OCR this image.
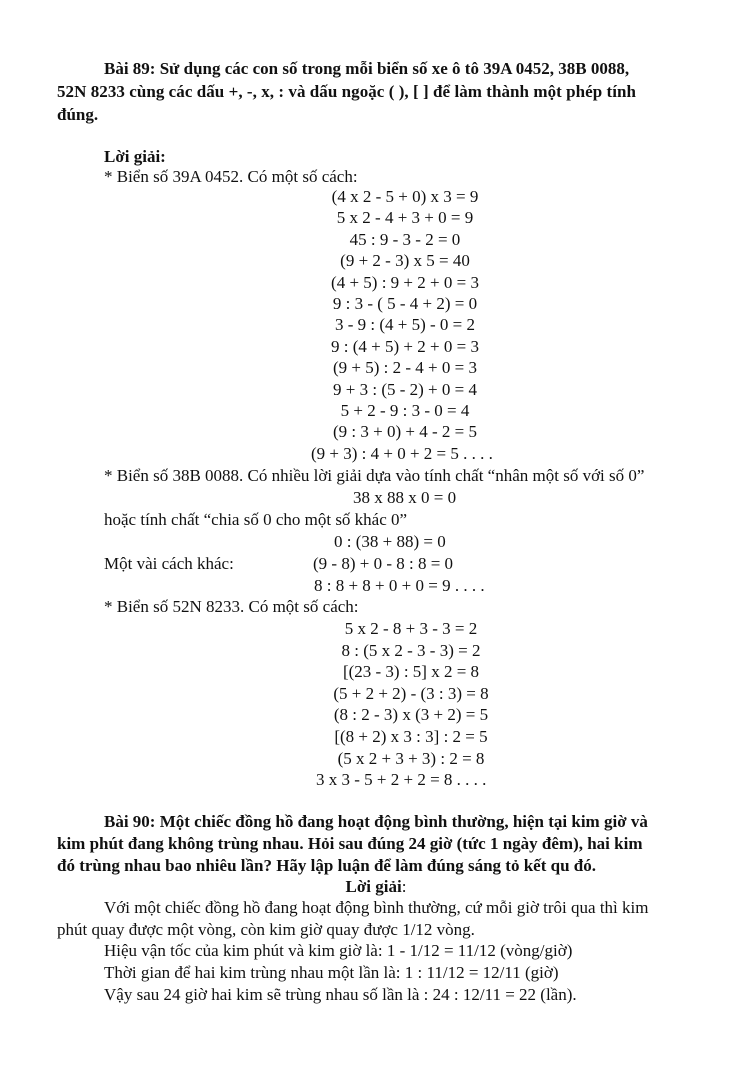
Bài 89: Sử dụng các con số trong mỗi biển số xe ô tô 39A 0452, 38B 0088,
52N 8233 cùng các dấu +, -, x, : và dấu ngoặc ( ), [ ] để làm thành một phép tính
đúng.
Lời giải:
* Biển số 39A 0452. Có một số cách:
(4 x 2 - 5 + 0) x 3 = 9
5 x 2 - 4 + 3 + 0 = 9
45 : 9 - 3 - 2 = 0
(9 + 2 - 3) x 5 = 40
(4 + 5) : 9 + 2 + 0 = 3
9 : 3 - ( 5 - 4 + 2) = 0
3 - 9 : (4 + 5) - 0 = 2
9 : (4 + 5) + 2 + 0 = 3
(9 + 5) : 2 - 4 + 0 = 3
9 + 3 : (5 - 2) + 0 = 4
5 + 2 - 9 : 3 - 0 = 4
(9 : 3 + 0) + 4 - 2 = 5
(9 + 3) : 4 + 0 + 2 = 5 . . . .
* Biển số 38B 0088. Có nhiều lời giải dựa vào tính chất “nhân một số với số 0”
38 x 88 x 0 = 0
hoặc tính chất “chia số 0 cho một số khác 0”
0 : (38 + 88) = 0
Một vài cách khác:	(9 - 8) + 0 - 8 : 8 = 0
8 : 8 + 8 + 0 + 0 = 9 . . . .
* Biển số 52N 8233. Có một số cách:
5 x 2 - 8 + 3 - 3 = 2
8 : (5 x 2 - 3 - 3) = 2
[(23 - 3) : 5] x 2 = 8
(5 + 2 + 2) - (3 : 3) = 8
(8 : 2 - 3) x (3 + 2) = 5
[(8 + 2) x 3 : 3] : 2 = 5
(5 x 2 + 3 + 3) : 2 = 8
3 x 3 - 5 + 2 + 2 = 8 . . . .
Bài 90: Một chiếc đồng hồ đang hoạt động bình thường, hiện tại kim giờ và
kim phút đang không trùng nhau. Hỏi sau đúng 24 giờ (tức 1 ngày đêm), hai kim
đó trùng nhau bao nhiêu lần? Hãy lập luận để làm đúng sáng tỏ kết qu đó.
Lời giải:
Với một chiếc đồng hồ đang hoạt động bình thường, cứ mỗi giờ trôi qua thì kim
phút quay được một vòng, còn kim giờ quay được 1/12 vòng.
Hiệu vận tốc của kim phút và kim giờ là: 1 - 1/12 = 11/12 (vòng/giờ)
Thời gian để hai kim trùng nhau một lần là: 1 : 11/12 = 12/11 (giờ)
Vậy sau 24 giờ hai kim sẽ trùng nhau số lần là : 24 : 12/11 = 22 (lần).
